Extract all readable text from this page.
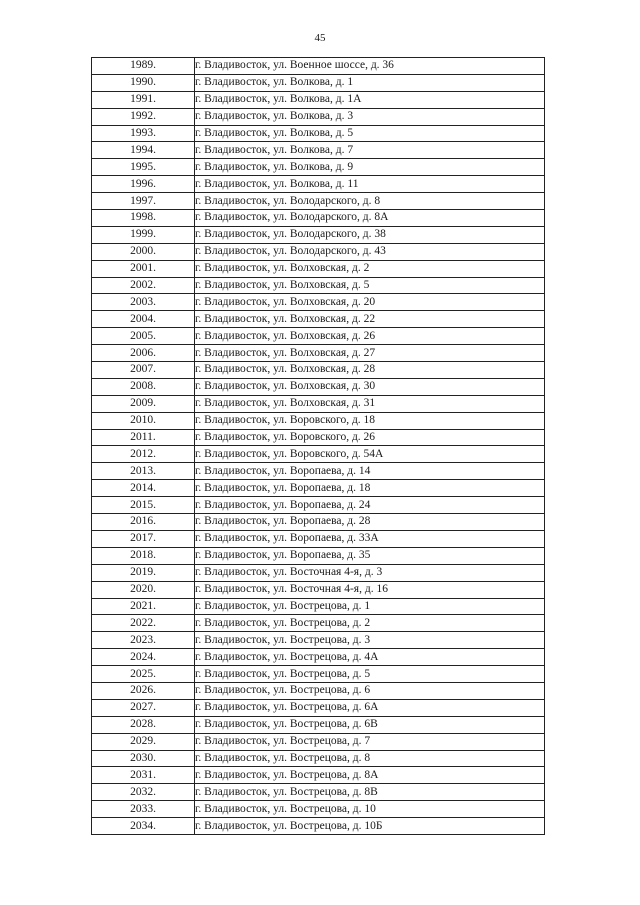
45
1989.	г. Владивосток, ул. Военное шоссе, д. 36
1990.	г. Владивосток, ул. Волкова, д. 1
1991.	г. Владивосток, ул. Волкова, д. 1А
1992.	г. Владивосток, ул. Волкова, д. 3
1993.	г. Владивосток, ул. Волкова, д. 5
1994.	г. Владивосток, ул. Волкова, д. 7
1995.	г. Владивосток, ул. Волкова, д. 9
1996.	г. Владивосток, ул. Волкова, д. 11
1997.	г. Владивосток, ул. Володарского, д. 8
1998.	г. Владивосток, ул. Володарского, д. 8А
1999.	г. Владивосток, ул. Володарского, д. 38
2000.	г. Владивосток, ул. Володарского, д. 43
2001.	г. Владивосток, ул. Волховская, д. 2
2002.	г. Владивосток, ул. Волховская, д. 5
2003.	г. Владивосток, ул. Волховская, д. 20
2004.	г. Владивосток, ул. Волховская, д. 22
2005.	г. Владивосток, ул. Волховская, д. 26
2006.	г. Владивосток, ул. Волховская, д. 27
2007.	г. Владивосток, ул. Волховская, д. 28
2008.	г. Владивосток, ул. Волховская, д. 30
2009.	г. Владивосток, ул. Волховская, д. 31
2010.	г. Владивосток, ул. Воровского, д. 18
2011.	г. Владивосток, ул. Воровского, д. 26
2012.	г. Владивосток, ул. Воровского, д. 54А
2013.	г. Владивосток, ул. Воропаева, д. 14
2014.	г. Владивосток, ул. Воропаева, д. 18
2015.	г. Владивосток, ул. Воропаева, д. 24
2016.	г. Владивосток, ул. Воропаева, д. 28
2017.	г. Владивосток, ул. Воропаева, д. 33А
2018.	г. Владивосток, ул. Воропаева, д. 35
2019.	г. Владивосток, ул. Восточная 4-я, д. 3
2020.	г. Владивосток, ул. Восточная 4-я, д. 16
2021.	г. Владивосток, ул. Вострецова, д. 1
2022.	г. Владивосток, ул. Вострецова, д. 2
2023.	г. Владивосток, ул. Вострецова, д. 3
2024.	г. Владивосток, ул. Вострецова, д. 4А
2025.	г. Владивосток, ул. Вострецова, д. 5
2026.	г. Владивосток, ул. Вострецова, д. 6
2027.	г. Владивосток, ул. Вострецова, д. 6А
2028.	г. Владивосток, ул. Вострецова, д. 6В
2029.	г. Владивосток, ул. Вострецова, д. 7
2030.	г. Владивосток, ул. Вострецова, д. 8
2031.	г. Владивосток, ул. Вострецова, д. 8А
2032.	г. Владивосток, ул. Вострецова, д. 8В
2033.	г. Владивосток, ул. Вострецова, д. 10
2034.	г. Владивосток, ул. Вострецова, д. 10Б
